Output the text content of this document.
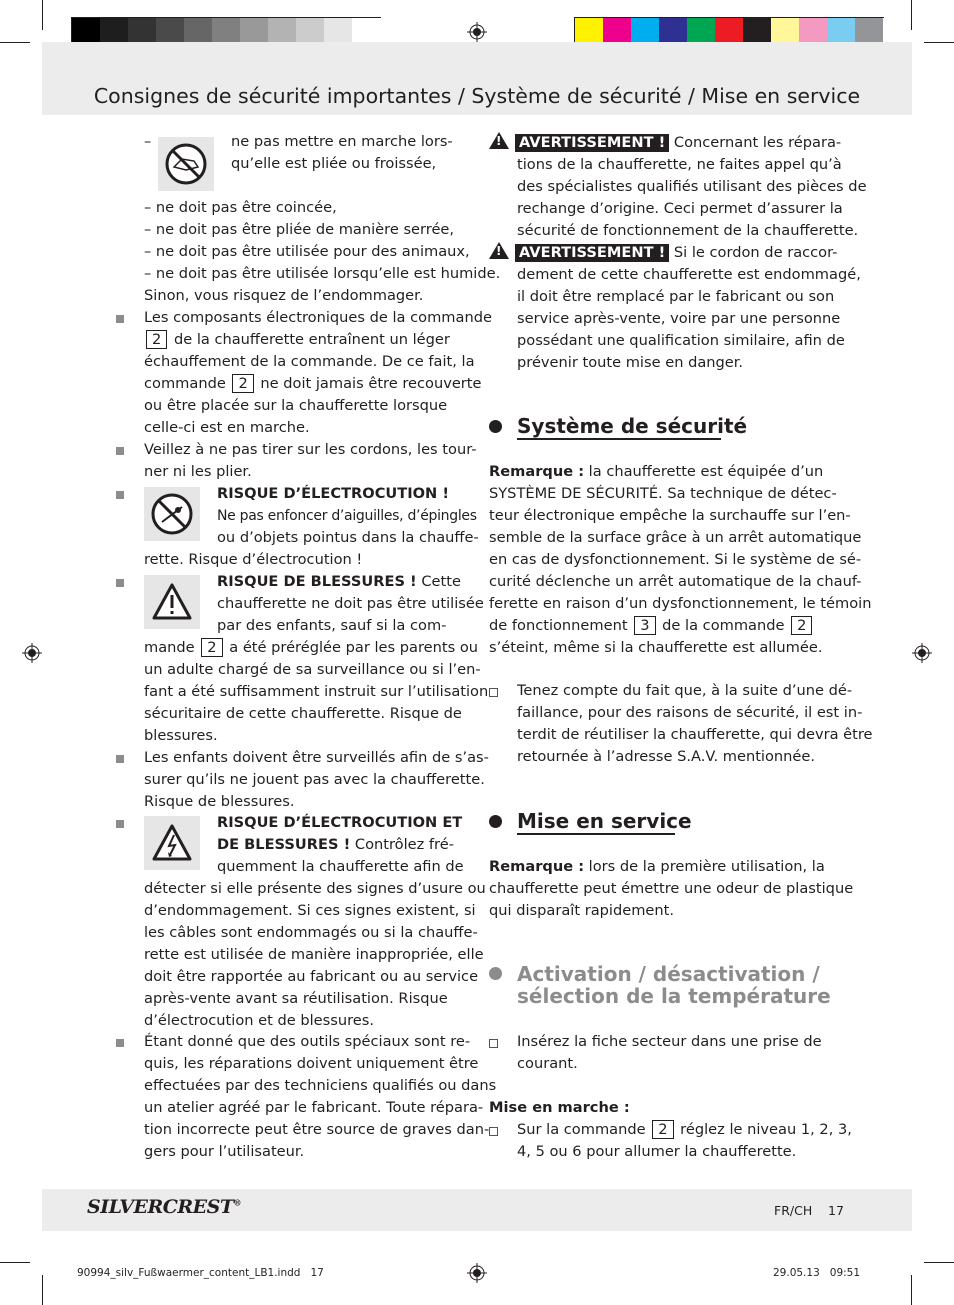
Consignes de sécurité importantes / Système de sécurité / Mise en service
–	ne pas mettre en marche lors-
qu’elle est pliée ou froissée,
– ne doit pas être coincée,
– ne doit pas être pliée de manière serrée,
– ne doit pas être utilisée pour des animaux,
– ne doit pas être utilisée lorsqu’elle est humide.
Sinon, vous risquez de l’endommager.
Les composants électroniques de la commande
2 de la chaufferette entraînent un léger
échauffement de la commande. De ce fait, la
commande 2 ne doit jamais être recouverte
ou être placée sur la chaufferette lorsque
celle-ci est en marche.
Veillez à ne pas tirer sur les cordons, les tour-
ner ni les plier.
RISQUE D’ÉLECTROCUTION !
Ne pas enfoncer d’aiguilles, d’épingles
ou d’objets pointus dans la chauffe-
rette. Risque d’électrocution !
RISQUE DE BLESSURES ! Cette
chaufferette ne doit pas être utilisée
par des enfants, sauf si la com-
mande 2 a été préréglée par les parents ou
un adulte chargé de sa surveillance ou si l’en-
fant a été suffisamment instruit sur l’utilisation
sécuritaire de cette chaufferette. Risque de
blessures.
Les enfants doivent être surveillés afin de s’as-
surer qu’ils ne jouent pas avec la chaufferette.
Risque de blessures.
RISQUE D’ÉLECTROCUTION ET
DE BLESSURES ! Contrôlez fré-
quemment la chaufferette afin de
détecter si elle présente des signes d’usure ou
d’endommagement. Si ces signes existent, si
les câbles sont endommagés ou si la chauffe-
rette est utilisée de manière inappropriée, elle
doit être rapportée au fabricant ou au service
après-vente avant sa réutilisation. Risque
d’électrocution et de blessures.
Étant donné que des outils spéciaux sont re-
quis, les réparations doivent uniquement être
effectuées par des techniciens qualifiés ou dans
un atelier agréé par le fabricant. Toute répara-
tion incorrecte peut être source de graves dan-
gers pour l’utilisateur.
!AVERTISSEMENT ! Concernant les répara-
tions de la chaufferette, ne faites appel qu’à
des spécialistes qualifiés utilisant des pièces de
rechange d’origine. Ceci permet d’assurer la
sécurité de fonctionnement de la chaufferette.
!AVERTISSEMENT ! Si le cordon de raccor-
dement de cette chaufferette est endommagé,
il doit être remplacé par le fabricant ou son
service après-vente, voire par une personne
possédant une qualification similaire, afin de
prévenir toute mise en danger.
Système de sécurité
Remarque : la chaufferette est équipée d’un
SYSTÈME DE SÉCURITÉ. Sa technique de détec-
teur électronique empêche la surchauffe sur l’en-
semble de la surface grâce à un arrêt automatique
en cas de dysfonctionnement. Si le système de sé-
curité déclenche un arrêt automatique de la chauf-
ferette en raison d’un dysfonctionnement, le témoin
de fonctionnement 3 de la commande 2
s’éteint, même si la chaufferette est allumée.
Tenez compte du fait que, à la suite d’une dé-
faillance, pour des raisons de sécurité, il est in-
terdit de réutiliser la chaufferette, qui devra être
retournée à l’adresse S.A.V. mentionnée.
Mise en service
Remarque : lors de la première utilisation, la
chaufferette peut émettre une odeur de plastique
qui disparaît rapidement.
Activation / désactivation /
sélection de la température
Insérez la fiche secteur dans une prise de
courant.
Mise en marche :
Sur la commande 2 réglez le niveau 1, 2, 3,
4, 5 ou 6 pour allumer la chaufferette.
SILVERCREST®
FR/CH 17
90994_silv_Fußwaermer_content_LB1.indd   17	29.05.13   09:51
